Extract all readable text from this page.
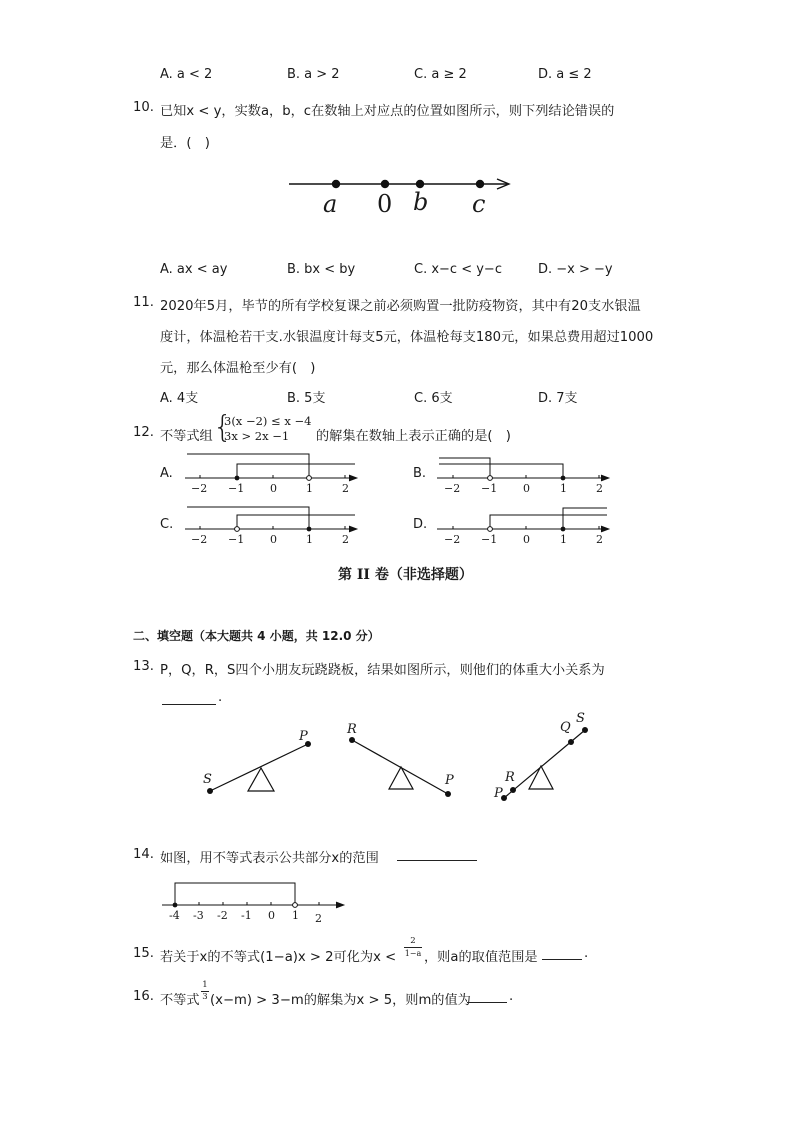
A. a < 2	B. a > 2	C. a ≥ 2	D. a ≤ 2
10. 已知x < y，实数a，b，c在数轴上对应点的位置如图所示，则下列结论错误的
是．(　)
a 0 b c
A. ax < ay	B. bx < by	C. x−c < y−c	D. −x > −y
11. 2020年5月，毕节的所有学校复课之前必须购置一批防疫物资，其中有20支水银温
度计，体温枪若干支.水银温度计每支5元，体温枪每支180元，如果总费用超过1000
元，那么体温枪至少有(　)
A. 4支	B. 5支	C. 6支	D. 7支
12. 不等式组 {
3(x −2) ≤ x −4
3x > 2x −1 的解集在数轴上表示正确的是(　)
A.
−2 −1 0	1	2
B.
−2 −1 0	1	2
C.
−2 −1 0	1	2
D.
−2 −1 0	1	2
第 II 卷（非选择题）
二、填空题（本大题共 4 小题，共 12.0 分）
13. P，Q，R，S四个小朋友玩跷跷板，结果如图所示，则他们的体重大小关系为
.
S
P	R
P
Q
S
R
P
14. 如图，用不等式表示公共部分x的范围
-4 -3 -2 -1 0 1 2
15. 若关于x的不等式(1−a)x > 2可化为x <
2
1−a ，则a的取值范围是	.
16. 不等式
1
3 (x−m) > 3−m的解集为x > 5，则m的值为	.
